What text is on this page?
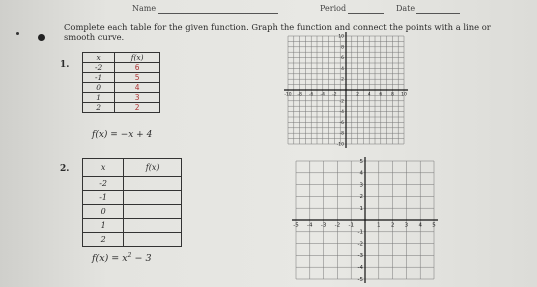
Name	Period	Date
Complete each table for the given function. Graph the function and connect the points with a line or smooth curve.
1.
x	f(x)
-2	6
-1	5
0	4
1	3
2	2
f(x) = −x + 4
-10 -8 -6 -4 -2	2 4 6 8 10
10
8
6
4
2
-2
-4
-6
-8
-10
2.	x	f(x)
-2	
-1	
0	
1	
2	
$f(x) = x^2 - 3$
-5 -4 -3 -2 -1	1 2 3 4 5
5
4
3
2
1
-1
-2
-3
-4
-5
